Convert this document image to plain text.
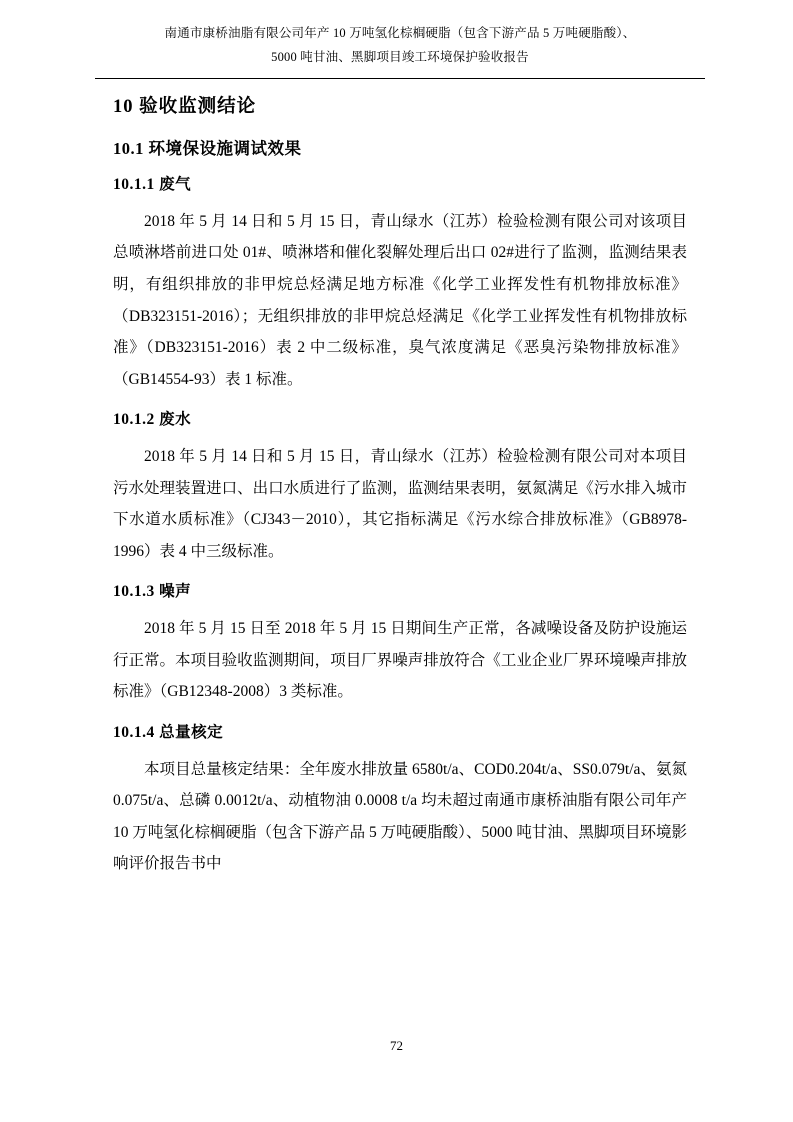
南通市康桥油脂有限公司年产 10 万吨氢化棕榈硬脂（包含下游产品 5 万吨硬脂酸）、
5000 吨甘油、黑脚项目竣工环境保护验收报告
10 验收监测结论
10.1 环境保设施调试效果
10.1.1 废气

2018 年 5 月 14 日和 5 月 15 日，青山绿水（江苏）检验检测有限公司对该项目总喷淋塔前进口处 01#、喷淋塔和催化裂解处理后出口 02#进行了监测，监测结果表明，有组织排放的非甲烷总烃满足地方标准《化学工业挥发性有机物排放标准》（DB323151-2016）；无组织排放的非甲烷总烃满足《化学工业挥发性有机物排放标准》（DB323151-2016）表 2 中二级标准，臭气浓度满足《恶臭污染物排放标准》（GB14554-93）表 1 标准。

10.1.2 废水

2018 年 5 月 14 日和 5 月 15 日，青山绿水（江苏）检验检测有限公司对本项目污水处理装置进口、出口水质进行了监测，监测结果表明，氨氮满足《污水排入城市下水道水质标准》（CJ343－2010），其它指标满足《污水综合排放标准》（GB8978-1996）表 4 中三级标准。

10.1.3 噪声

2018 年 5 月 15 日至 2018 年 5 月 15 日期间生产正常，各减噪设备及防护设施运行正常。本项目验收监测期间，项目厂界噪声排放符合《工业企业厂界环境噪声排放标准》（GB12348-2008）3 类标准。

10.1.4 总量核定

本项目总量核定结果：全年废水排放量 6580t/a、COD0.204t/a、SS0.079t/a、氨氮 0.075t/a、总磷 0.0012t/a、动植物油 0.0008 t/a 均未超过南通市康桥油脂有限公司年产 10 万吨氢化棕榈硬脂（包含下游产品 5 万吨硬脂酸）、5000 吨甘油、黑脚项目环境影响评价报告书中

72
